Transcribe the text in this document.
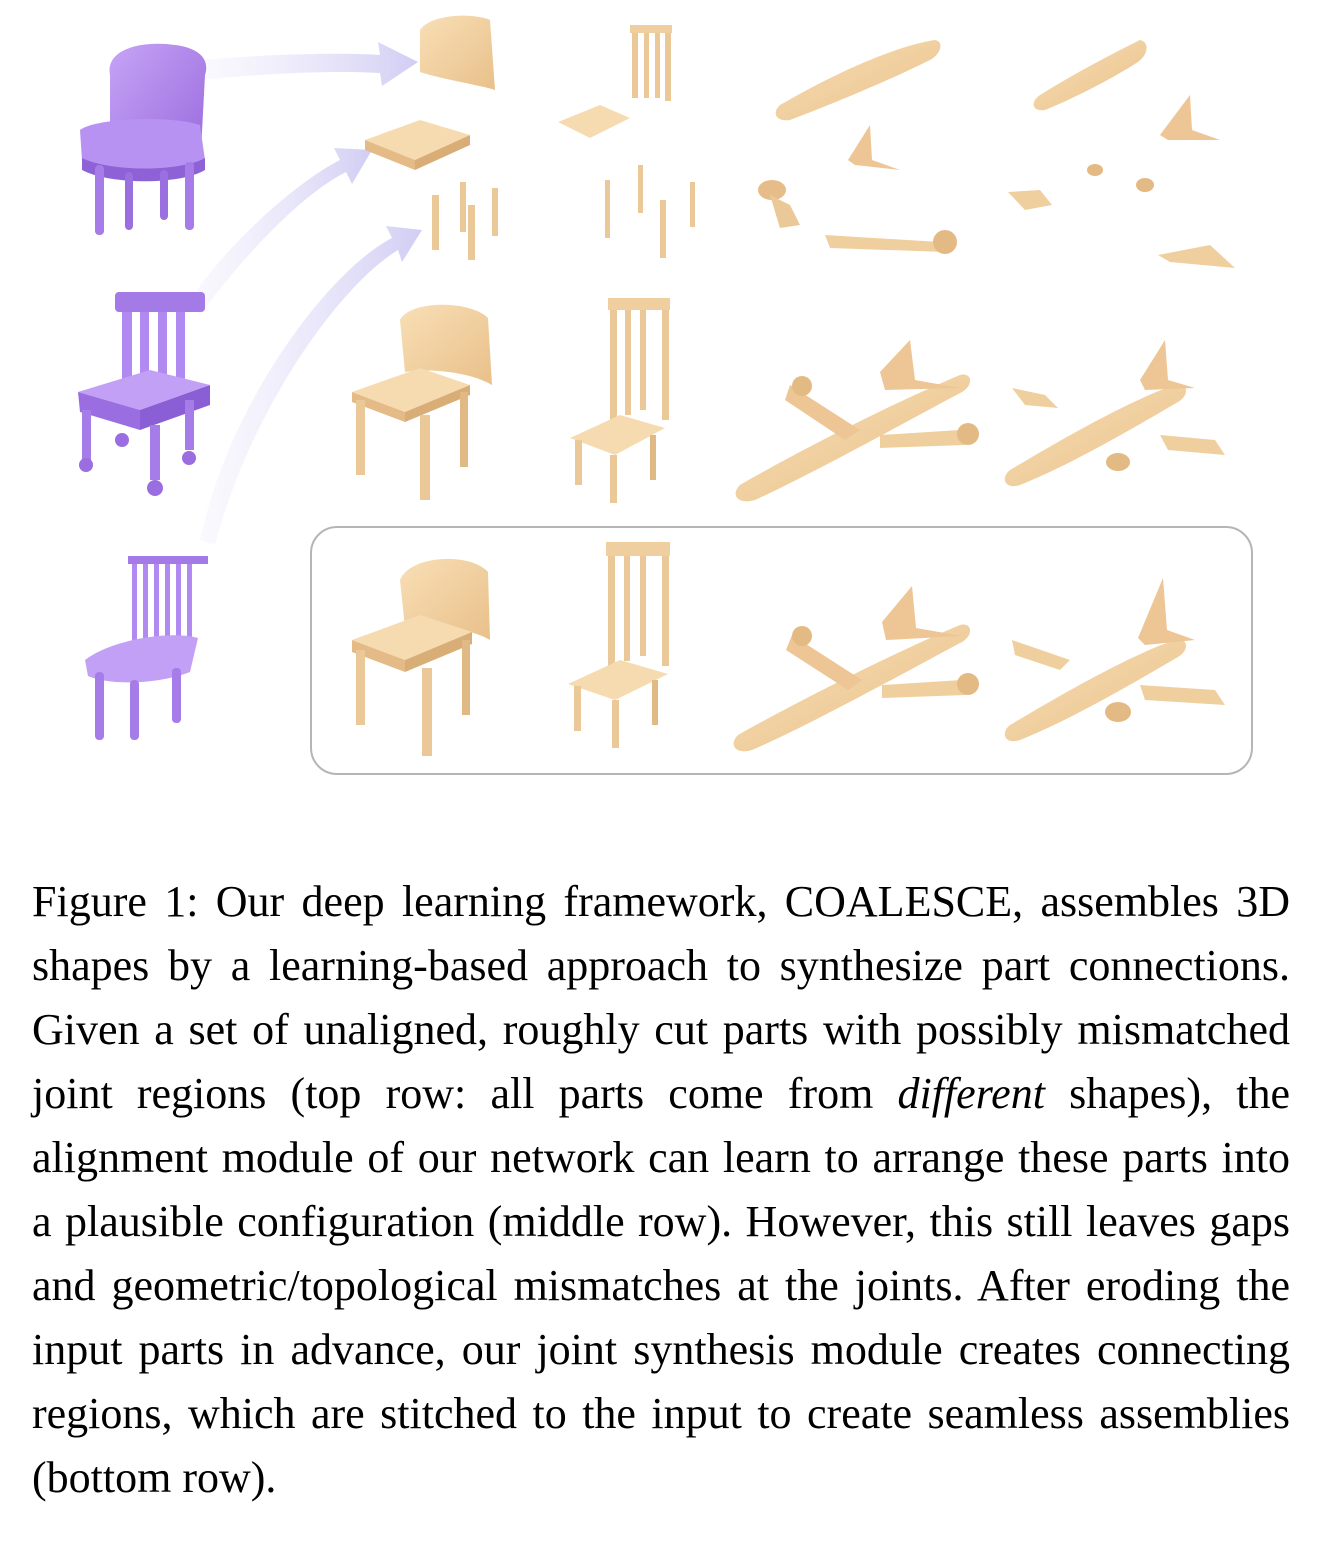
Figure 1: Our deep learning framework, COALESCE, assembles 3D shapes by a learning-based approach to synthesize part connections. Given a set of unaligned, roughly cut parts with possibly mismatched joint regions (top row: all parts come from different shapes), the alignment module of our network can learn to arrange these parts into a plausible configuration (middle row). However, this still leaves gaps and geometric/topological mismatches at the joints. After eroding the input parts in advance, our joint synthesis module creates connecting regions, which are stitched to the input to create seamless assemblies (bottom row).
